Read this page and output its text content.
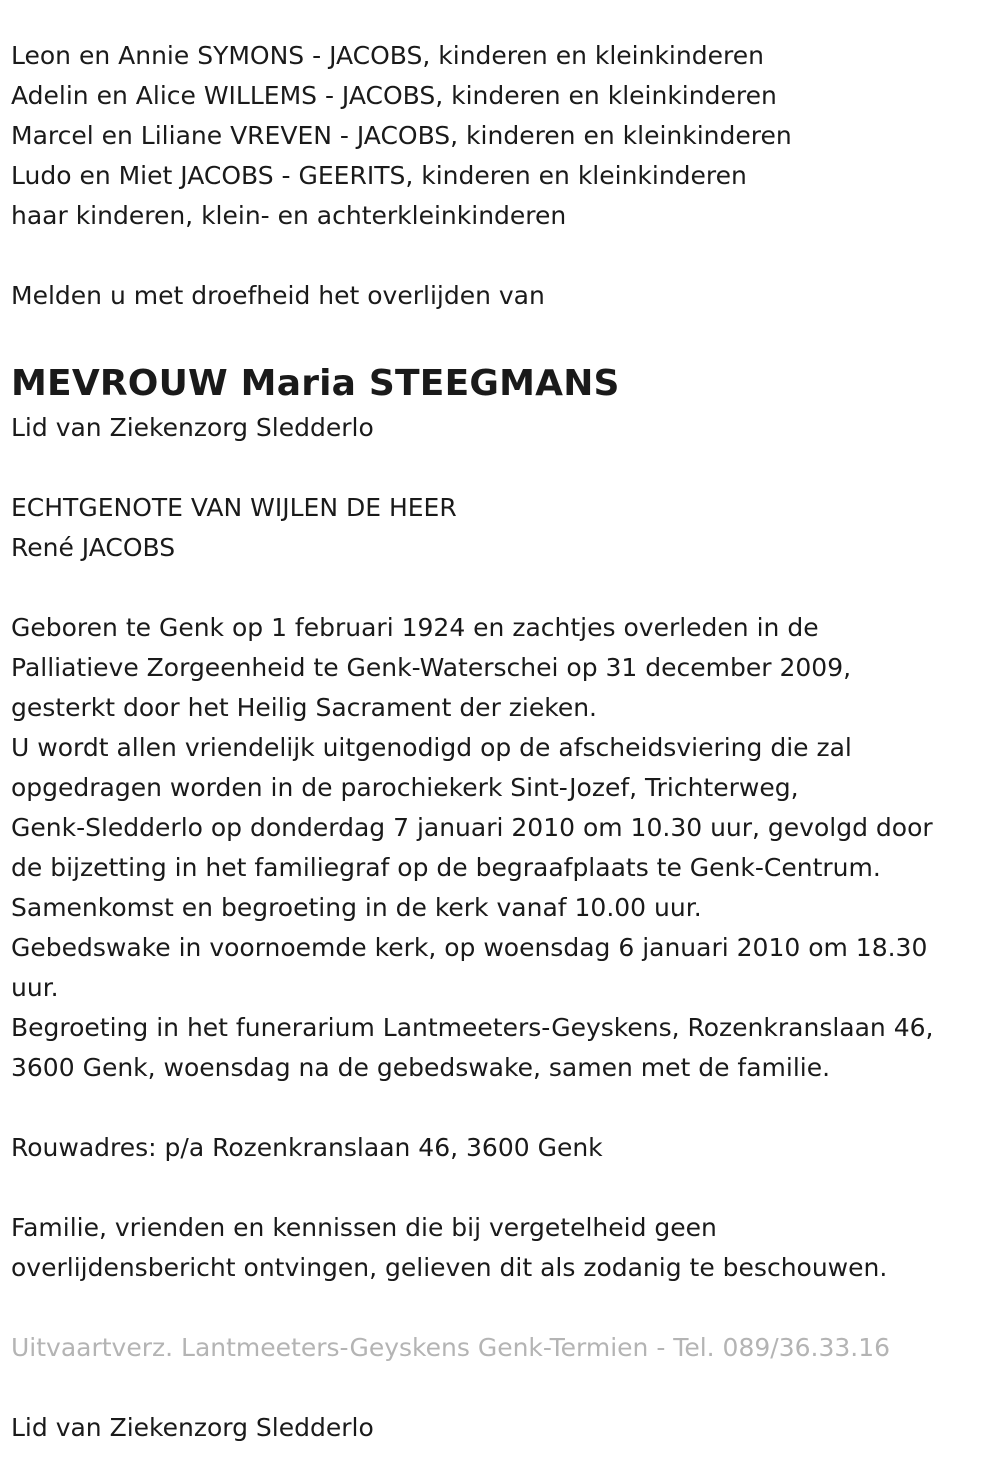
Leon en Annie SYMONS - JACOBS, kinderen en kleinkinderen

Adelin en Alice WILLEMS - JACOBS, kinderen en kleinkinderen

Marcel en Liliane VREVEN - JACOBS, kinderen en kleinkinderen

Ludo en Miet JACOBS - GEERITS, kinderen en kleinkinderen

haar kinderen, klein- en achterkleinkinderen

Melden u met droefheid het overlijden van

MEVROUW Maria STEEGMANS

Lid van Ziekenzorg Sledderlo

ECHTGENOTE VAN WIJLEN DE HEER

René JACOBS

Geboren te Genk op 1 februari 1924 en zachtjes overleden in de

Palliatieve Zorgeenheid te Genk-Waterschei op 31 december 2009,

gesterkt door het Heilig Sacrament der zieken.

U wordt allen vriendelijk uitgenodigd op de afscheidsviering die zal

opgedragen worden in de parochiekerk Sint-Jozef, Trichterweg,

Genk-Sledderlo op donderdag 7 januari 2010 om 10.30 uur, gevolgd door

de bijzetting in het familiegraf op de begraafplaats te Genk-Centrum.

Samenkomst en begroeting in de kerk vanaf 10.00 uur.

Gebedswake in voornoemde kerk, op woensdag 6 januari 2010 om 18.30

uur.

Begroeting in het funerarium Lantmeeters-Geyskens, Rozenkranslaan 46,

3600 Genk, woensdag na de gebedswake, samen met de familie.

Rouwadres: p/a Rozenkranslaan 46, 3600 Genk

Familie, vrienden en kennissen die bij vergetelheid geen

overlijdensbericht ontvingen, gelieven dit als zodanig te beschouwen.

Uitvaartverz. Lantmeeters-Geyskens Genk-Termien - Tel. 089/36.33.16

Lid van Ziekenzorg Sledderlo
